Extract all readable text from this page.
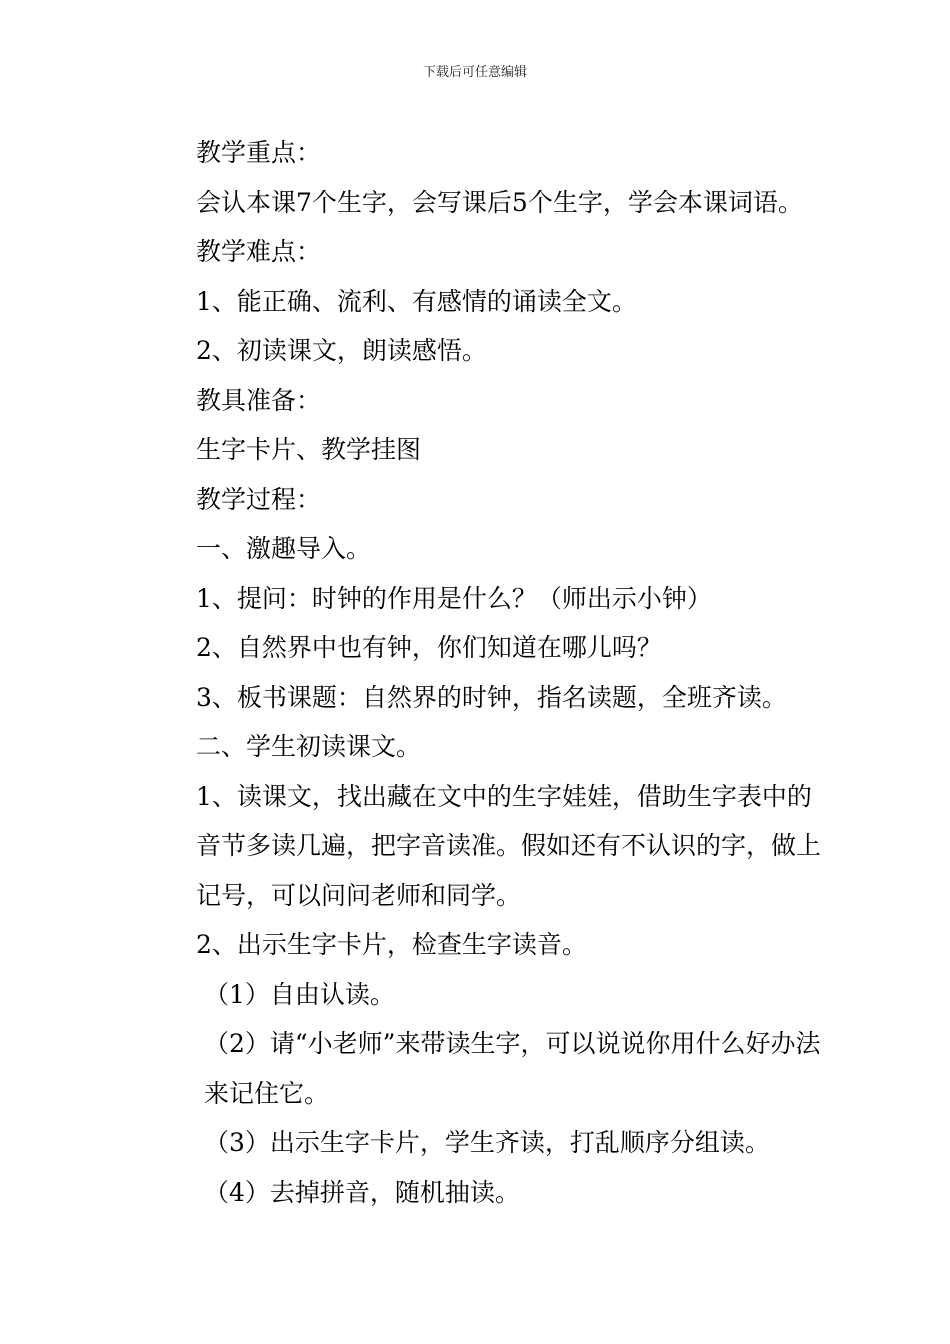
下载后可任意编辑

教学重点：

会认本课7个生字，会写课后5个生字，学会本课词语。

教学难点：

1、能正确、流利、有感情的诵读全文。

2、初读课文，朗读感悟。

教具准备：

生字卡片、教学挂图

教学过程：

一、激趣导入。

1、提问：时钟的作用是什么？（师出示小钟）

2、自然界中也有钟，你们知道在哪儿吗？

3、板书课题：自然界的时钟，指名读题，全班齐读。

二、学生初读课文。

1、读课文，找出藏在文中的生字娃娃，借助生字表中的音节多读几遍，把字音读准。假如还有不认识的字，做上记号，可以问问老师和同学。

2、出示生字卡片，检查生字读音。

（1）自由认读。

（2）请“小老师”来带读生字，可以说说你用什么好办法来记住它。

（3）出示生字卡片，学生齐读，打乱顺序分组读。

（4）去掉拼音，随机抽读。
